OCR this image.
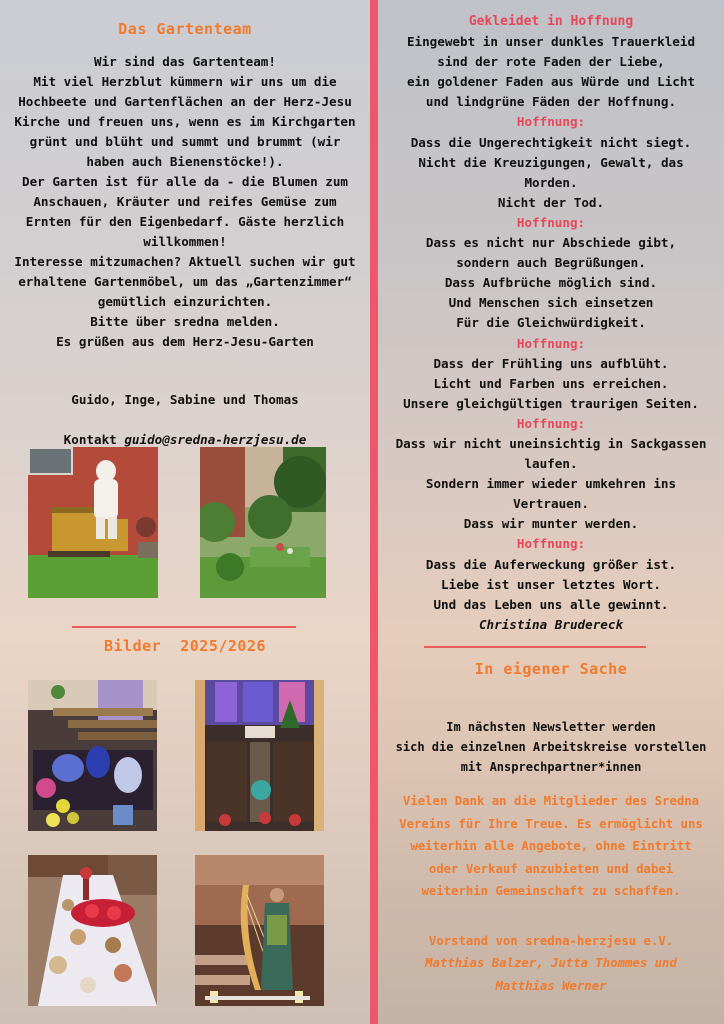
Das Gartenteam
Wir sind das Gartenteam!
Mit viel Herzblut kümmern wir uns um die Hochbeete und Gartenflächen an der Herz-Jesu Kirche und freuen uns, wenn es im Kirchgarten grünt und blüht und summt und brummt (wir haben auch Bienenstöcke!).
Der Garten ist für alle da - die Blumen zum Anschauen, Kräuter und reifes Gemüse zum Ernten für den Eigenbedarf. Gäste herzlich willkommen!
Interesse mitzumachen? Aktuell suchen wir gut erhaltene Gartenmöbel, um das „Gartenzimmer“ gemütlich einzurichten.
Bitte über sredna melden.
Es grüßen aus dem Herz-Jesu-Garten
Guido, Inge, Sabine und Thomas

Kontakt guido@sredna-herzjesu.de

Bilder  2025/2026
Gekleidet in Hoffnung
Eingewebt in unser dunkles Trauerkleid
sind der rote Faden der Liebe,
ein goldener Faden aus Würde und Licht
und lindgrüne Fäden der Hoffnung.
Hoffnung:
Dass die Ungerechtigkeit nicht siegt.
Nicht die Kreuzigungen, Gewalt, das
Morden.
Nicht der Tod.
Hoffnung:
Dass es nicht nur Abschiede gibt,
sondern auch Begrüßungen.
Dass Aufbrüche möglich sind.
Und Menschen sich einsetzen
Für die Gleichwürdigkeit.
Hoffnung:
Dass der Frühling uns aufblüht.
Licht und Farben uns erreichen.
Unsere gleichgültigen traurigen Seiten.
Hoffnung:
Dass wir nicht uneinsichtig in Sackgassen
laufen.
Sondern immer wieder umkehren ins
Vertrauen.
Dass wir munter werden.
Hoffnung:
Dass die Auferweckung größer ist.
Liebe ist unser letztes Wort.
Und das Leben uns alle gewinnt.
Christina Brudereck
In eigener Sache
Im nächsten Newsletter werden
sich die einzelnen Arbeitskreise vorstellen
mit Ansprechpartner*innen
Vielen Dank an die Mitglieder des Sredna Vereins für Ihre Treue. Es ermöglicht uns weiterhin alle Angebote, ohne Eintritt oder Verkauf anzubieten und dabei weiterhin Gemeinschaft zu schaffen.
Vorstand von sredna-herzjesu e.V.
Matthias Balzer, Jutta Thommes und
Matthias Werner
